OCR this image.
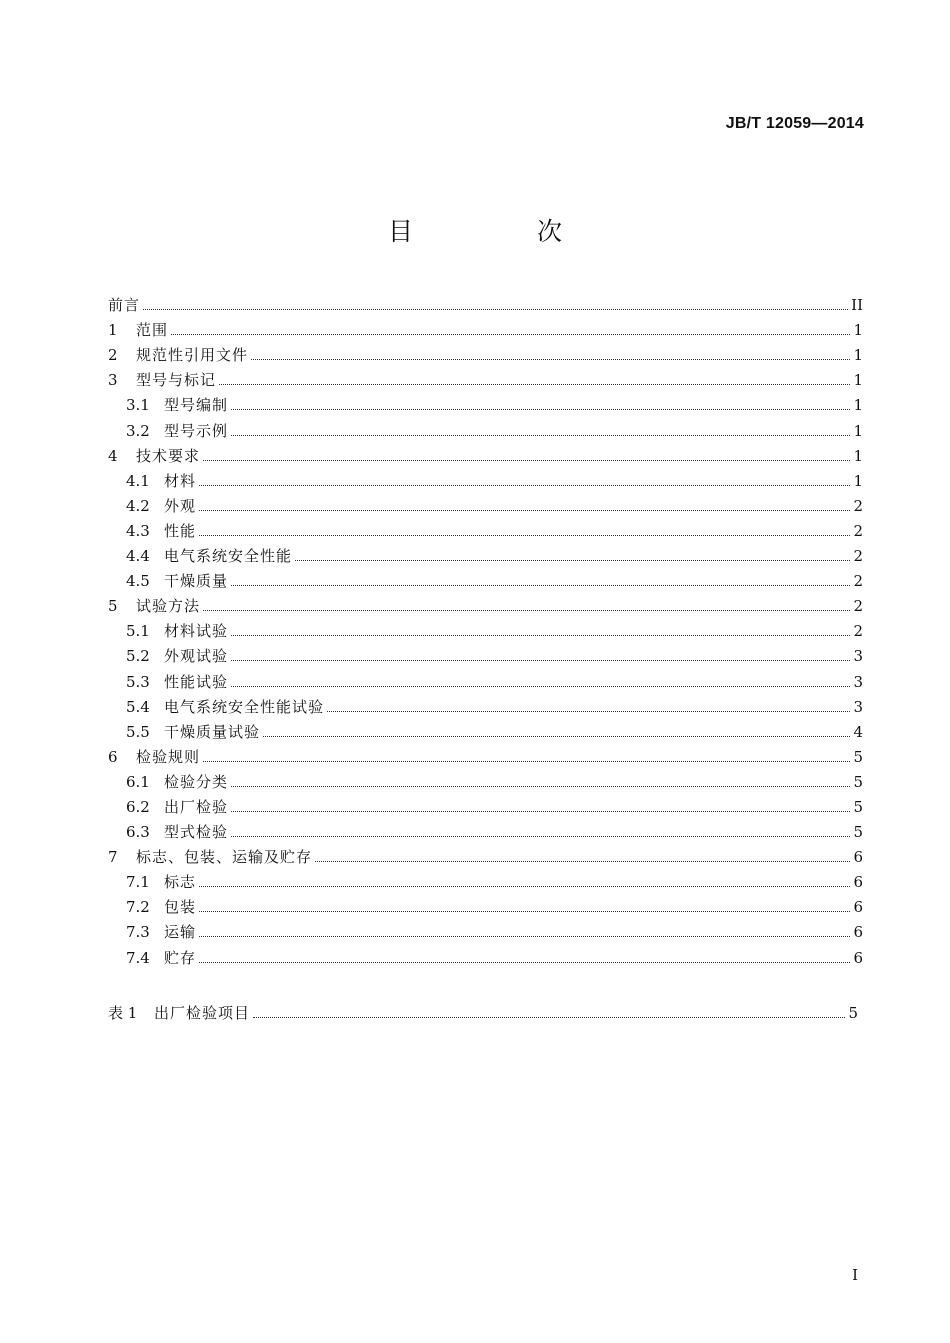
JB/T 12059—2014
目 次
前言	II
1	范围	1
2	规范性引用文件	1
3	型号与标记	1
3.1 型号编制	1
3.2 型号示例	1
4	技术要求	1
4.1 材料	1
4.2 外观	2
4.3 性能	2
4.4 电气系统安全性能	2
4.5 干燥质量	2
5	试验方法	2
5.1 材料试验	2
5.2 外观试验	3
5.3 性能试验	3
5.4 电气系统安全性能试验	3
5.5 干燥质量试验	4
6	检验规则	5
6.1 检验分类	5
6.2 出厂检验	5
6.3 型式检验	5
7	标志、包装、运输及贮存	6
7.1 标志	6
7.2 包装	6
7.3 运输	6
7.4 贮存	6
表 1	出厂检验项目	5
I
